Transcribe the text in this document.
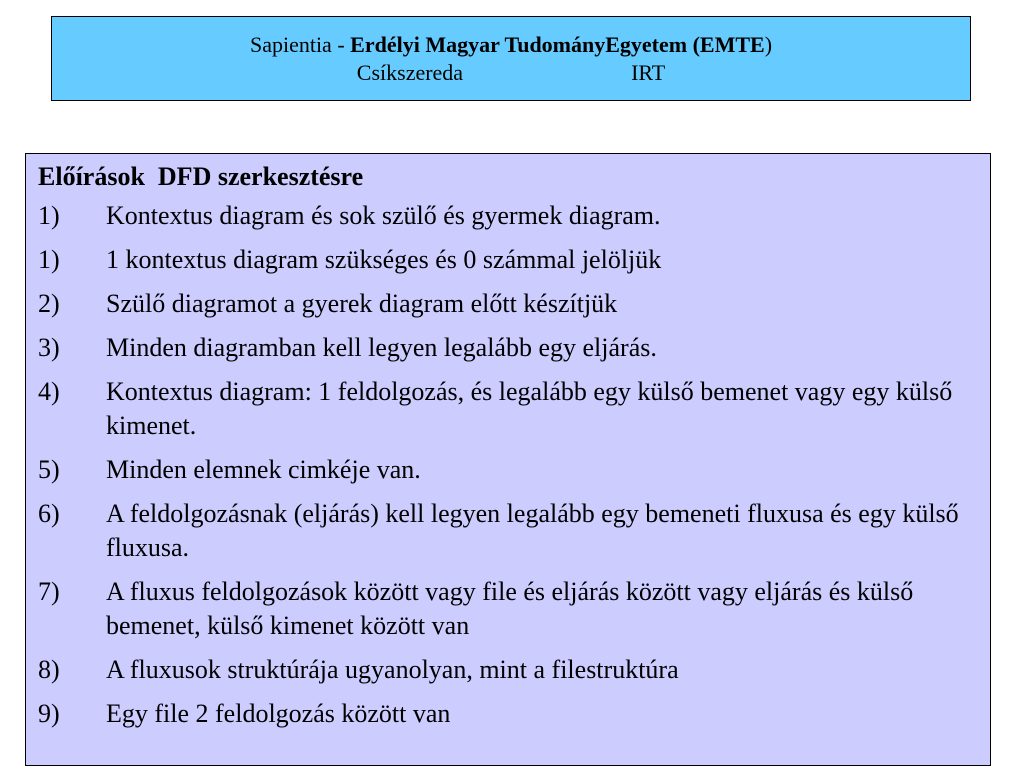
Sapientia - Erdélyi Magyar TudományEgyetem (EMTE)
Csíkszereda	IRT
Előírások  DFD szerkesztésre
1)	Kontextus diagram és sok szülő és gyermek diagram.
1)	1 kontextus diagram szükséges és 0 számmal jelöljük
2)	Szülő diagramot a gyerek diagram előtt készítjük
3)	Minden diagramban kell legyen legalább egy eljárás.
4)	Kontextus diagram: 1 feldolgozás, és legalább egy külső bemenet vagy egy külső kimenet.
5)	Minden elemnek cimkéje van.
6)	A feldolgozásnak (eljárás) kell legyen legalább egy bemeneti fluxusa és egy külső fluxusa.
7)	A fluxus feldolgozások között vagy file és eljárás között vagy eljárás és külső bemenet, külső kimenet között van
8)	A fluxusok struktúrája ugyanolyan, mint a filestruktúra
9)	Egy file 2 feldolgozás között van
